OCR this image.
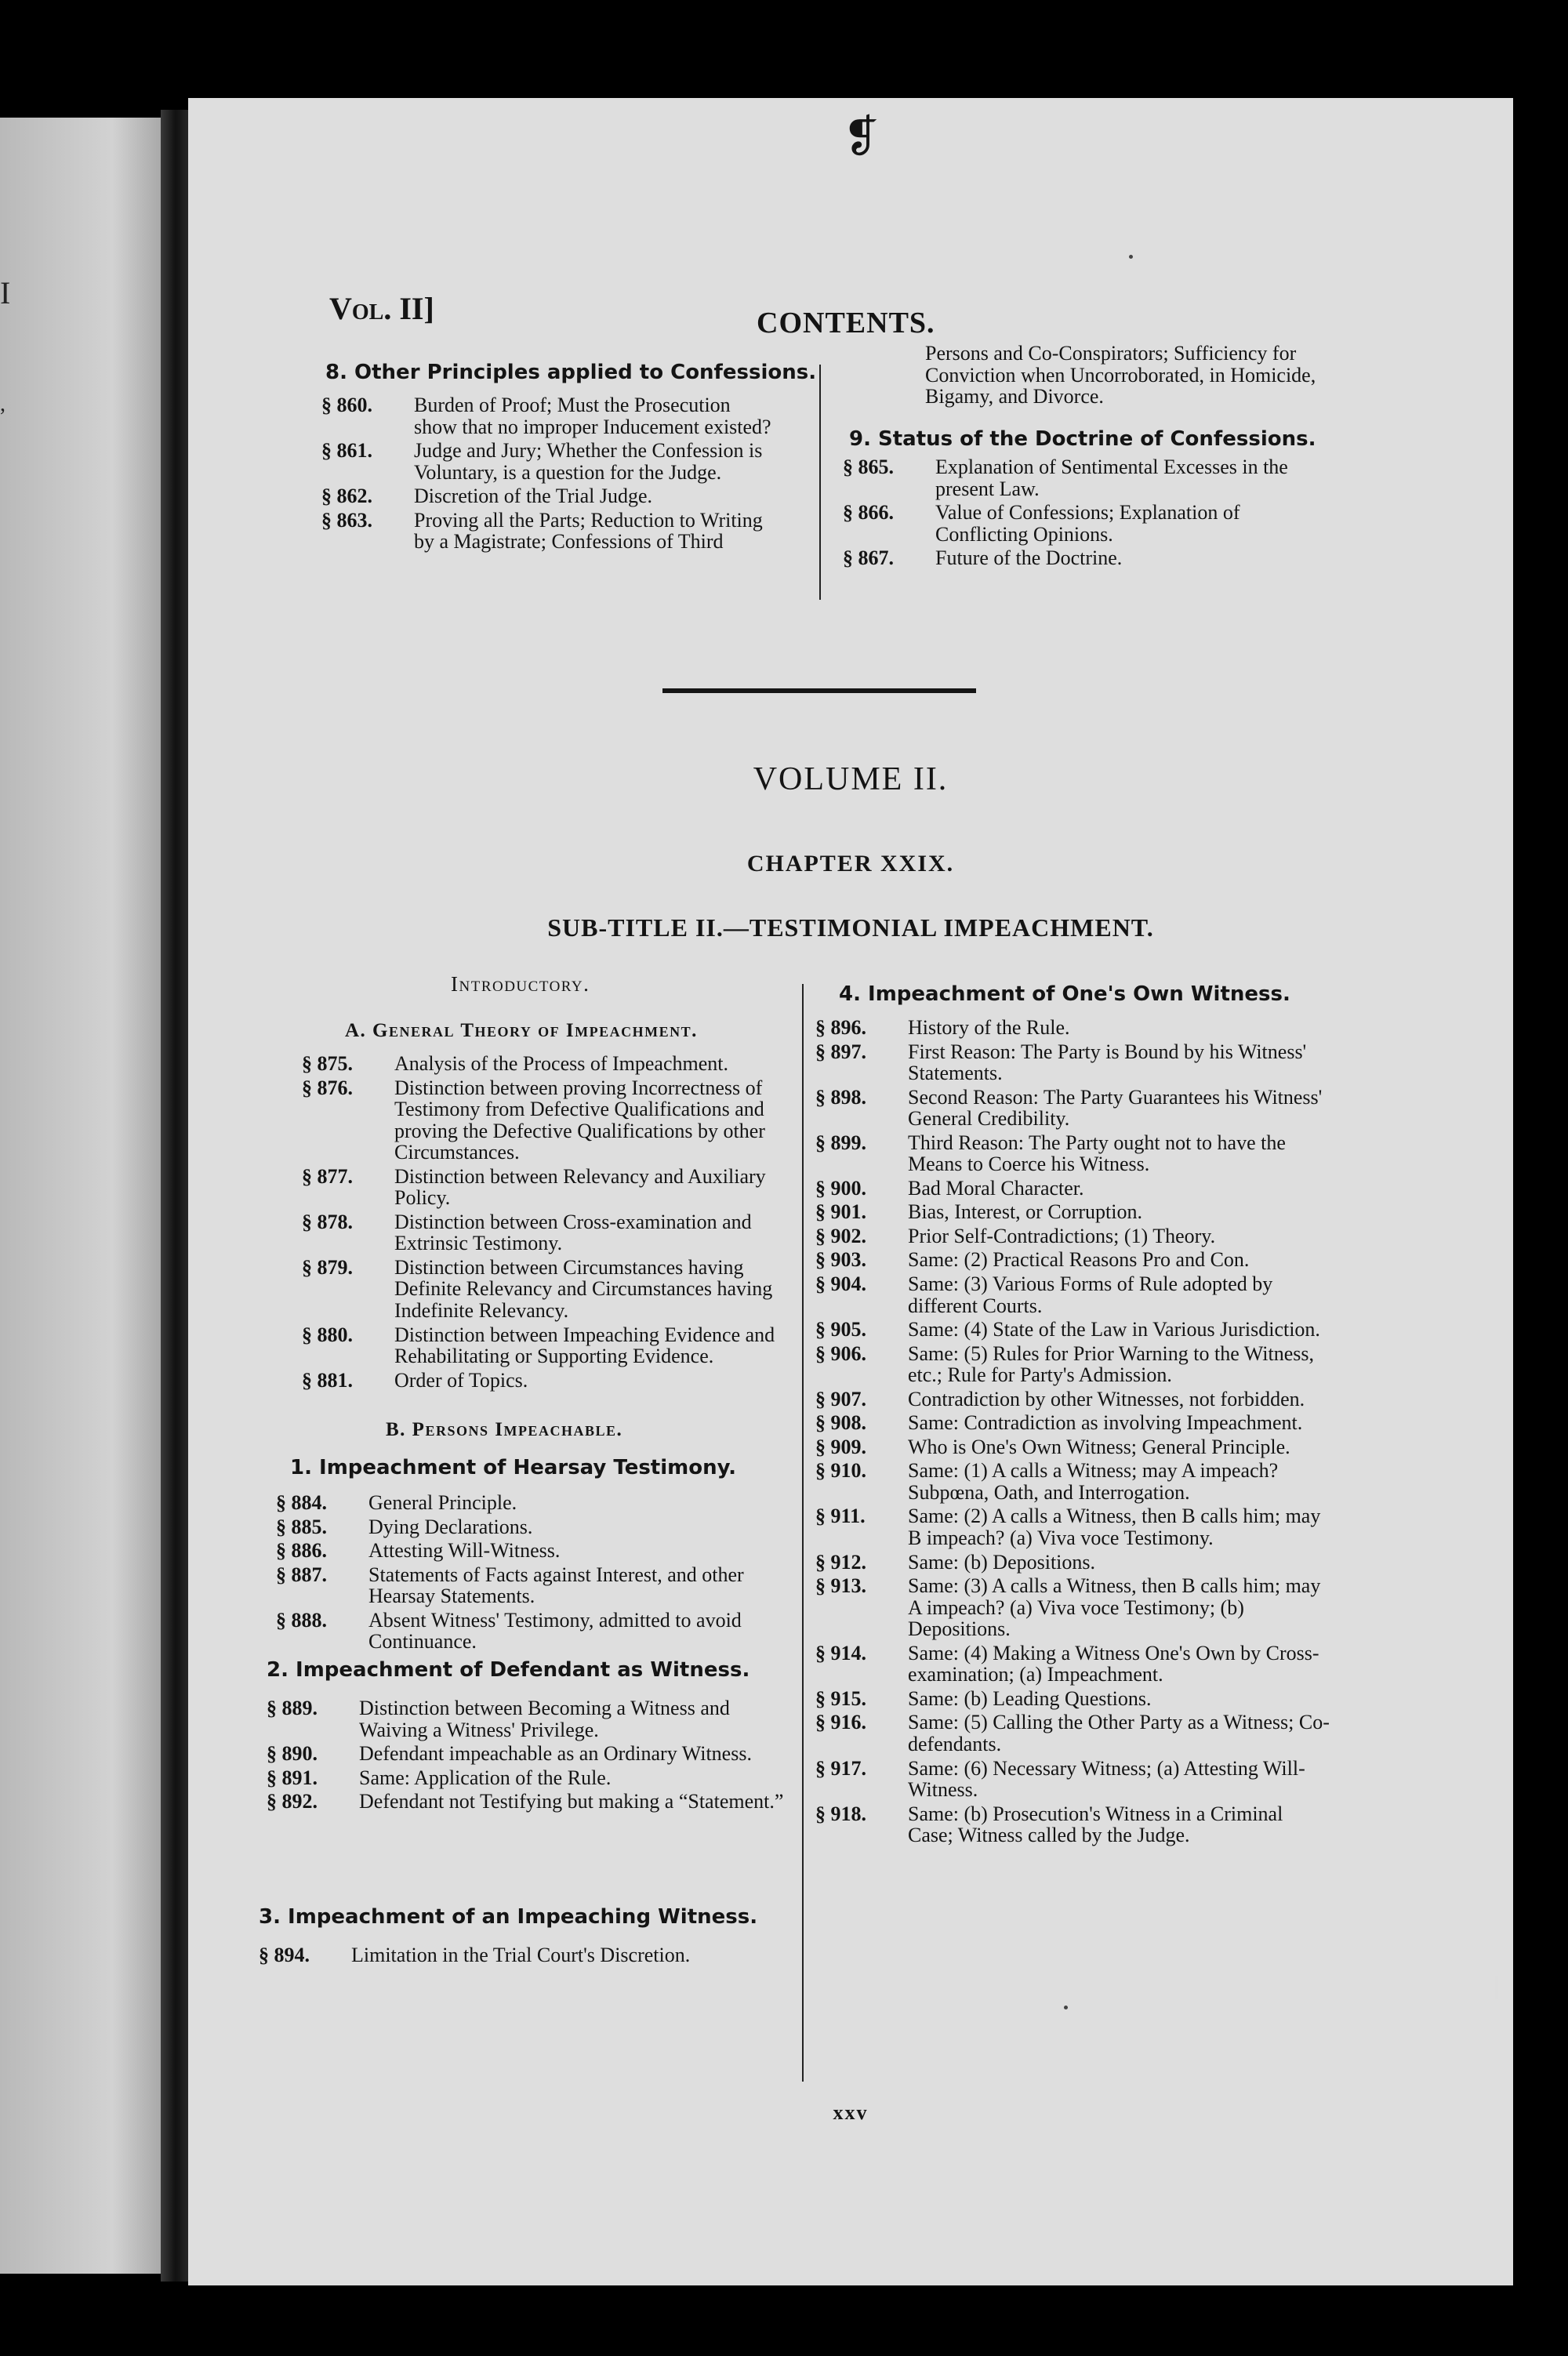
I
,
❡
Vol. II]	CONTENTS.
8. Other Principles applied to Confessions.
§ 860.	Burden of Proof; Must the Prosecution show that no improper Inducement existed?
§ 861.	Judge and Jury; Whether the Confession is Voluntary, is a question for the Judge.
§ 862.	Discretion of the Trial Judge.
§ 863.	Proving all the Parts; Reduction to Writing by a Magistrate; Confessions of Third
Persons and Co-Conspirators; Sufficiency for Conviction when Uncorroborated, in Homicide, Bigamy, and Divorce.
9. Status of the Doctrine of Confessions.
§ 865.	Explanation of Sentimental Excesses in the present Law.
§ 866.	Value of Confessions; Explanation of Conflicting Opinions.
§ 867.	Future of the Doctrine.
VOLUME II.
CHAPTER XXIX.
SUB-TITLE II.—TESTIMONIAL IMPEACHMENT.
Introductory.
A. General Theory of Impeachment.
§ 875.	Analysis of the Process of Impeachment.
§ 876.	Distinction between proving Incorrectness of Testimony from Defective Qualifications and proving the Defective Qualifications by other Circumstances.
§ 877.	Distinction between Relevancy and Auxiliary Policy.
§ 878.	Distinction between Cross-examination and Extrinsic Testimony.
§ 879.	Distinction between Circumstances having Definite Relevancy and Circumstances having Indefinite Relevancy.
§ 880.	Distinction between Impeaching Evidence and Rehabilitating or Supporting Evidence.
§ 881.	Order of Topics.
B. Persons Impeachable.
1. Impeachment of Hearsay Testimony.
§ 884.	General Principle.
§ 885.	Dying Declarations.
§ 886.	Attesting Will-Witness.
§ 887.	Statements of Facts against Interest, and other Hearsay Statements.
§ 888.	Absent Witness' Testimony, admitted to avoid Continuance.
2. Impeachment of Defendant as Witness.
§ 889.	Distinction between Becoming a Witness and Waiving a Witness' Privilege.
§ 890.	Defendant impeachable as an Ordinary Witness.
§ 891.	Same: Application of the Rule.
§ 892.	Defendant not Testifying but making a “Statement.”
3. Impeachment of an Impeaching Witness.
§ 894.	Limitation in the Trial Court's Discretion.
4. Impeachment of One's Own Witness.
§ 896.	History of the Rule.
§ 897.	First Reason: The Party is Bound by his Witness' Statements.
§ 898.	Second Reason: The Party Guarantees his Witness' General Credibility.
§ 899.	Third Reason: The Party ought not to have the Means to Coerce his Witness.
§ 900.	Bad Moral Character.
§ 901.	Bias, Interest, or Corruption.
§ 902.	Prior Self-Contradictions; (1) Theory.
§ 903.	Same: (2) Practical Reasons Pro and Con.
§ 904.	Same: (3) Various Forms of Rule adopted by different Courts.
§ 905.	Same: (4) State of the Law in Various Jurisdiction.
§ 906.	Same: (5) Rules for Prior Warning to the Witness, etc.; Rule for Party's Admission.
§ 907.	Contradiction by other Witnesses, not forbidden.
§ 908.	Same: Contradiction as involving Impeachment.
§ 909.	Who is One's Own Witness; General Principle.
§ 910.	Same: (1) A calls a Witness; may A impeach? Subpœna, Oath, and Interrogation.
§ 911.	Same: (2) A calls a Witness, then B calls him; may B impeach? (a) Viva voce Testimony.
§ 912.	Same: (b) Depositions.
§ 913.	Same: (3) A calls a Witness, then B calls him; may A impeach? (a) Viva voce Testimony; (b) Depositions.
§ 914.	Same: (4) Making a Witness One's Own by Cross-examination; (a) Impeachment.
§ 915.	Same: (b) Leading Questions.
§ 916.	Same: (5) Calling the Other Party as a Witness; Co-defendants.
§ 917.	Same: (6) Necessary Witness; (a) Attesting Will-Witness.
§ 918.	Same: (b) Prosecution's Witness in a Criminal Case; Witness called by the Judge.
xxv
